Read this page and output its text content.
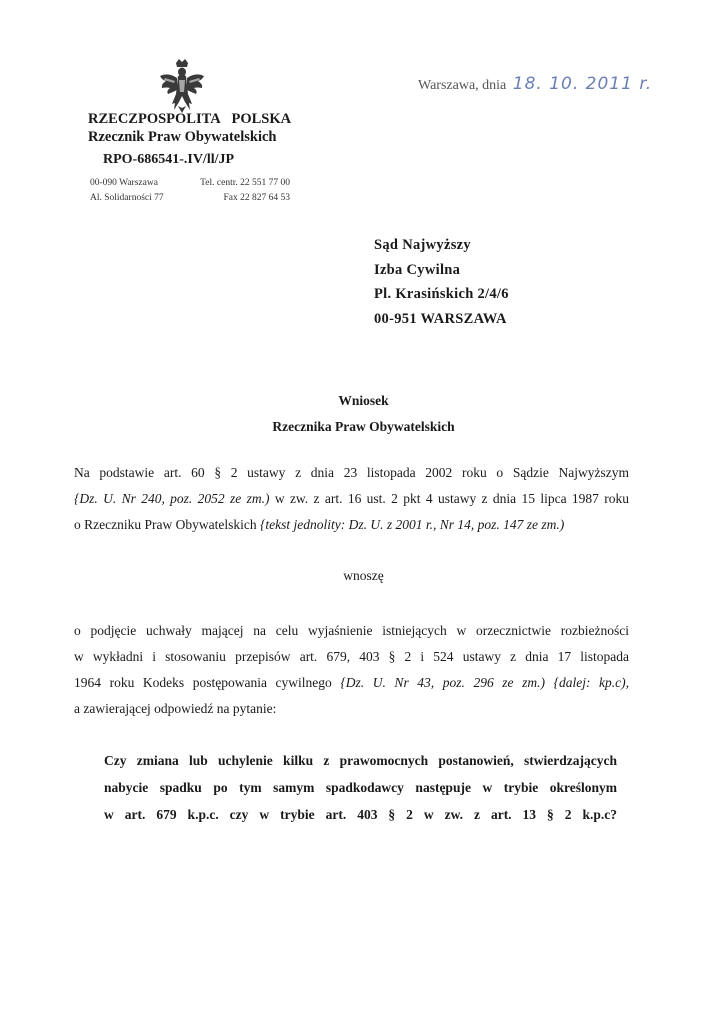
Warszawa, dnia 18. 10. 2011 r.
RZECZPOSPOLITA POLSKA
Rzecznik Praw Obywatelskich
RPO-686541-.IV/ll/JP
00-090 Warszawa	Tel. centr. 22 551 77 00
Al. Solidarności 77	Fax 22 827 64 53
Sąd Najwyższy
Izba Cywilna
Pl. Krasińskich 2/4/6
00-951 WARSZAWA
Wniosek
Rzecznika Praw Obywatelskich
Na podstawie art. 60 § 2 ustawy z dnia 23 listopada 2002 roku o Sądzie Najwyższym
{Dz. U. Nr 240, poz. 2052 ze zm.) w zw. z art. 16 ust. 2 pkt 4 ustawy z dnia 15 lipca 1987 roku
o Rzeczniku Praw Obywatelskich {tekst jednolity: Dz. U. z 2001 r., Nr 14, poz. 147 ze zm.)
wnoszę
o podjęcie uchwały mającej na celu wyjaśnienie istniejących w orzecznictwie rozbieżności
w wykładni i stosowaniu przepisów art. 679, 403 § 2 i 524 ustawy z dnia 17 listopada
1964 roku Kodeks postępowania cywilnego {Dz. U. Nr 43, poz. 296 ze zm.) {dalej: kp.c),
a zawierającej odpowiedź na pytanie:
Czy zmiana lub uchylenie kilku z prawomocnych postanowień, stwierdzających
nabycie spadku po tym samym spadkodawcy następuje w trybie określonym
w art. 679 k.p.c. czy w trybie art. 403 § 2 w zw. z art. 13 § 2 k.p.c?
